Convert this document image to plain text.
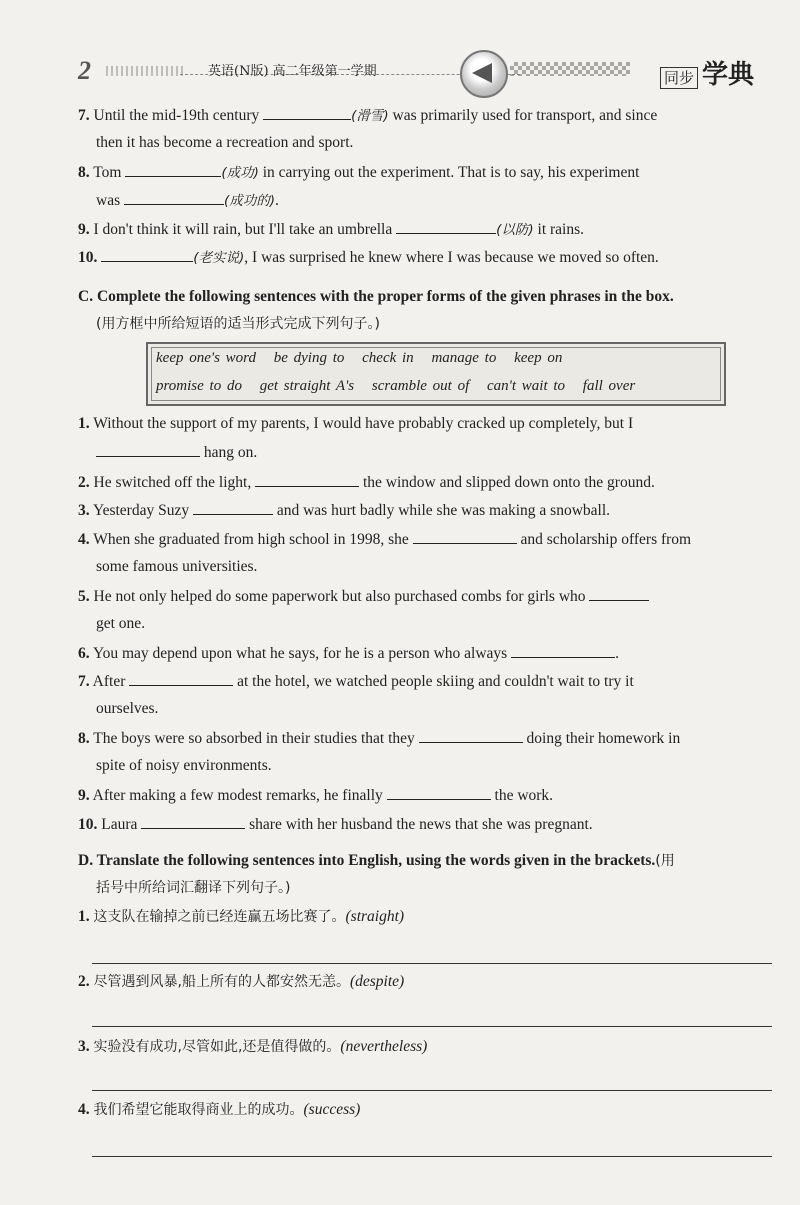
2	英语(N版) 高二年级第一学期	同步 学典
7. Until the mid-19th century	(滑雪) was primarily used for transport, and since
then it has become a recreation and sport.
8. Tom	(成功) in carrying out the experiment. That is to say, his experiment
was	(成功的).
9. I don't think it will rain, but I'll take an umbrella	(以防) it rains.
10.	(老实说), I was surprised he knew where I was because we moved so often.
C. Complete the following sentences with the proper forms of the given phrases in the box.
(用方框中所给短语的适当形式完成下列句子。)
keep one's word be dying to check in manage to keep on
promise to do get straight A's scramble out of can't wait to fall over
1. Without the support of my parents, I would have probably cracked up completely, but I
hang on.
2. He switched off the light,	the window and slipped down onto the ground.
3. Yesterday Suzy	and was hurt badly while she was making a snowball.
4. When she graduated from high school in 1998, she	and scholarship offers from
some famous universities.
5. He not only helped do some paperwork but also purchased combs for girls who
get one.
6. You may depend upon what he says, for he is a person who always	.
7. After	at the hotel, we watched people skiing and couldn't wait to try it
ourselves.
8. The boys were so absorbed in their studies that they	doing their homework in
spite of noisy environments.
9. After making a few modest remarks, he finally	the work.
10. Laura	share with her husband the news that she was pregnant.
D. Translate the following sentences into English, using the words given in the brackets.(用
括号中所给词汇翻译下列句子。)
1. 这支队在输掉之前已经连赢五场比赛了。(straight)
2. 尽管遇到风暴,船上所有的人都安然无恙。(despite)
3. 实验没有成功,尽管如此,还是值得做的。(nevertheless)
4. 我们希望它能取得商业上的成功。(success)
